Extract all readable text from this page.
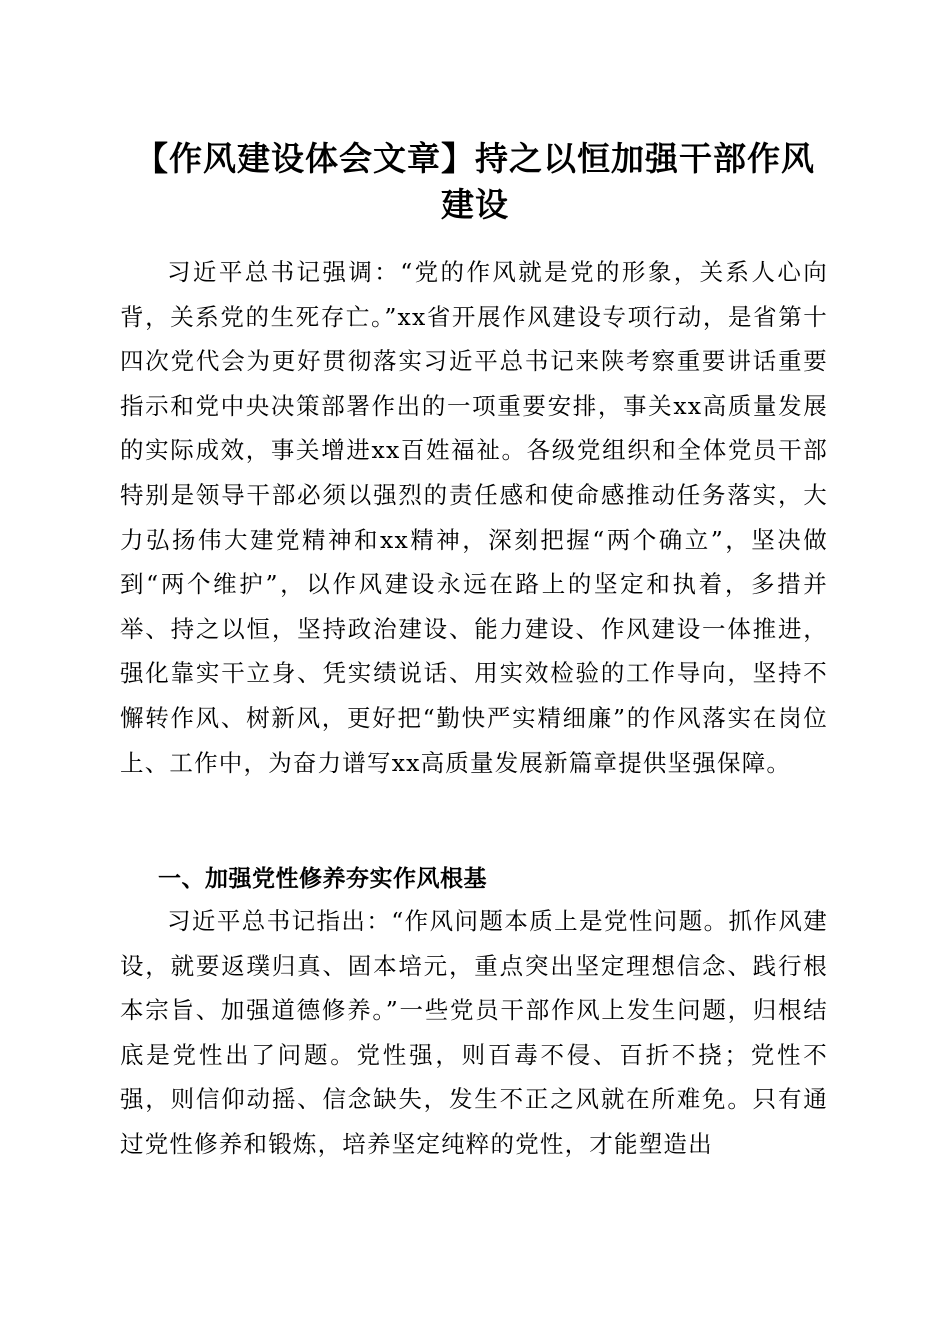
【作风建设体会文章】持之以恒加强干部作风建设

习近平总书记强调：“党的作风就是党的形象，关系人心向背，关系党的生死存亡。”xx省开展作风建设专项行动，是省第十四次党代会为更好贯彻落实习近平总书记来陕考察重要讲话重要指示和党中央决策部署作出的一项重要安排，事关xx高质量发展的实际成效，事关增进xx百姓福祉。各级党组织和全体党员干部特别是领导干部必须以强烈的责任感和使命感推动任务落实，大力弘扬伟大建党精神和xx精神，深刻把握“两个确立”，坚决做到“两个维护”，以作风建设永远在路上的坚定和执着，多措并举、持之以恒，坚持政治建设、能力建设、作风建设一体推进，强化靠实干立身、凭实绩说话、用实效检验的工作导向，坚持不懈转作风、树新风，更好把“勤快严实精细廉”的作风落实在岗位上、工作中，为奋力谱写xx高质量发展新篇章提供坚强保障。

一、加强党性修养夯实作风根基

习近平总书记指出：“作风问题本质上是党性问题。抓作风建设，就要返璞归真、固本培元，重点突出坚定理想信念、践行根本宗旨、加强道德修养。”一些党员干部作风上发生问题，归根结底是党性出了问题。党性强，则百毒不侵、百折不挠；党性不强，则信仰动摇、信念缺失，发生不正之风就在所难免。只有通过党性修养和锻炼，培养坚定纯粹的党性，才能塑造出
